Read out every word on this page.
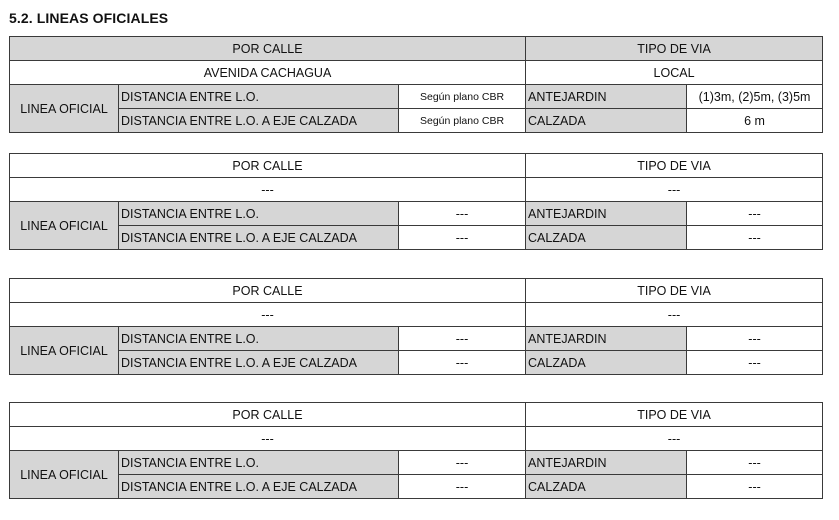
5.2. LINEAS OFICIALES
POR CALLE			TIPO DE VIA	
AVENIDA CACHAGUA			LOCAL	
LINEA OFICIAL	DISTANCIA ENTRE L.O.	Según plano CBR	ANTEJARDIN	(1)3m, (2)5m, (3)5m
	DISTANCIA ENTRE L.O. A EJE CALZADA	Según plano CBR	CALZADA	6 m
POR CALLE			TIPO DE VIA	
---			---	
LINEA OFICIAL	DISTANCIA ENTRE L.O.	---	ANTEJARDIN	---
	DISTANCIA ENTRE L.O. A EJE CALZADA	---	CALZADA	---
POR CALLE			TIPO DE VIA	
---			---	
LINEA OFICIAL	DISTANCIA ENTRE L.O.	---	ANTEJARDIN	---
	DISTANCIA ENTRE L.O. A EJE CALZADA	---	CALZADA	---
POR CALLE			TIPO DE VIA	
---			---	
LINEA OFICIAL	DISTANCIA ENTRE L.O.	---	ANTEJARDIN	---
	DISTANCIA ENTRE L.O. A EJE CALZADA	---	CALZADA	---
